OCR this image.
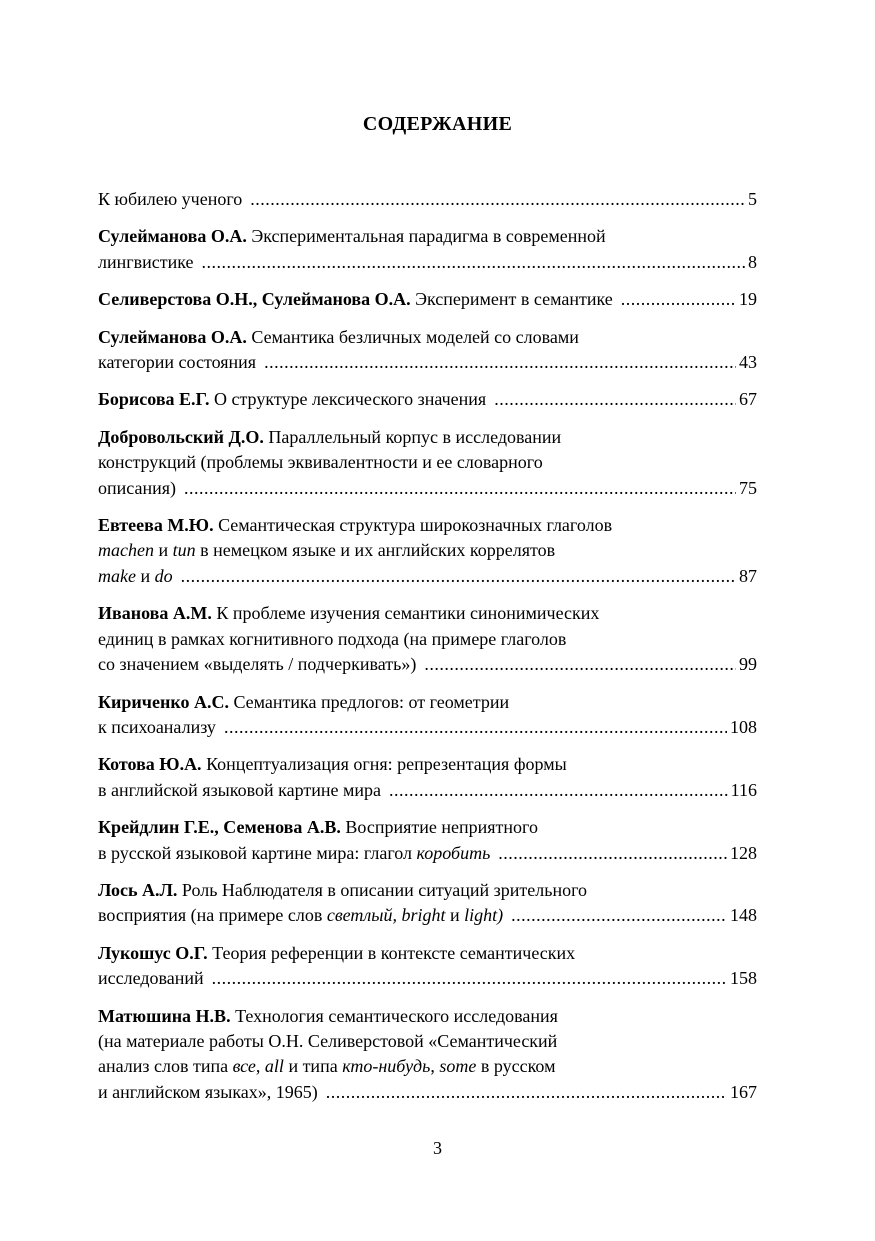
СОДЕРЖАНИЕ
К юбилею ученого .....	5
Сулейманова О.А. Экспериментальная парадигма в современной
лингвистике .....	8
Селиверстова О.Н., Сулейманова О.А. Эксперимент в семантике .....	19
Сулейманова О.А. Семантика безличных моделей со словами
категории состояния .....	43
Борисова Е.Г. О структуре лексического значения .....	67
Добровольский Д.О. Параллельный корпус в исследовании
конструкций (проблемы эквивалентности и ее словарного
описания) .....	75
Евтеева М.Ю. Семантическая структура широкозначных глаголов
machen и tun в немецком языке и их английских коррелятов
make и do .....	87
Иванова А.М. К проблеме изучения семантики синонимических
единиц в рамках когнитивного подхода (на примере глаголов
со значением «выделять / подчеркивать») .....	99
Кириченко А.С. Семантика предлогов: от геометрии
к психоанализу .....	108
Котова Ю.А. Концептуализация огня: репрезентация формы
в английской языковой картине мира .....	116
Крейдлин Г.Е., Семенова А.В. Восприятие неприятного
в русской языковой картине мира: глагол коробить .....	128
Лось А.Л. Роль Наблюдателя в описании ситуаций зрительного
восприятия (на примере слов светлый, bright и light) .....	148
Лукошус О.Г. Теория референции в контексте семантических
исследований .....	158
Матюшина Н.В. Технология семантического исследования
(на материале работы О.Н. Селиверстовой «Семантический
анализ слов типа все, all и типа кто-нибудь, some в русском
и английском языках», 1965) .....	167
3
